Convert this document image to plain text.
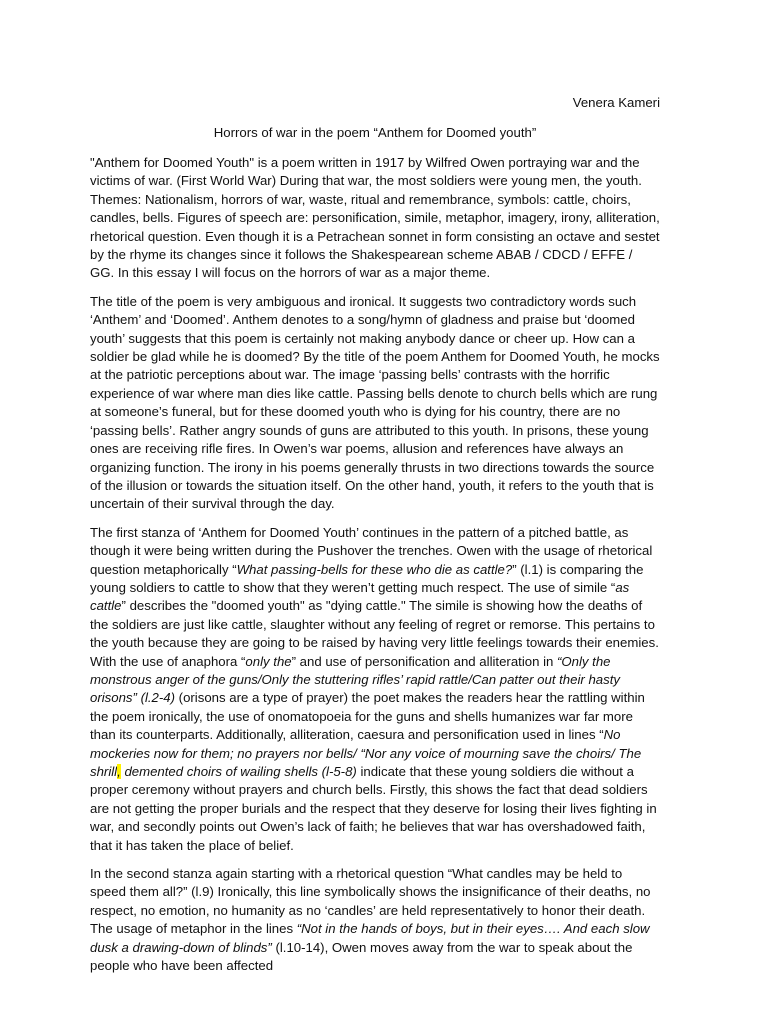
Venera Kameri
Horrors of war in the poem “Anthem for Doomed youth”

"Anthem for Doomed Youth" is a poem written in 1917 by Wilfred Owen portraying war and the victims of war. (First World War) During that war, the most soldiers were young men, the youth. Themes: Nationalism, horrors of war, waste, ritual and remembrance, symbols: cattle, choirs, candles, bells. Figures of speech are: personification, simile, metaphor, imagery, irony, alliteration, rhetorical question. Even though it is a Petrachean sonnet in form consisting an octave and sestet by the rhyme its changes since it follows the Shakespearean scheme ABAB / CDCD / EFFE / GG. In this essay I will focus on the horrors of war as a major theme.

The title of the poem is very ambiguous and ironical. It suggests two contradictory words such ‘Anthem’ and ‘Doomed’. Anthem denotes to a song/hymn of gladness and praise but ‘doomed youth’ suggests that this poem is certainly not making anybody dance or cheer up. How can a soldier be glad while he is doomed? By the title of the poem Anthem for Doomed Youth, he mocks at the patriotic perceptions about war. The image ‘passing bells’ contrasts with the horrific experience of war where man dies like cattle. Passing bells denote to church bells which are rung at someone’s funeral, but for these doomed youth who is dying for his country, there are no ‘passing bells’. Rather angry sounds of guns are attributed to this youth. In prisons, these young ones are receiving rifle fires. In Owen’s war poems, allusion and references have always an organizing function. The irony in his poems generally thrusts in two directions towards the source of the illusion or towards the situation itself. On the other hand, youth, it refers to the youth that is uncertain of their survival through the day.

The first stanza of ‘Anthem for Doomed Youth’ continues in the pattern of a pitched battle, as though it were being written during the Pushover the trenches. Owen with the usage of rhetorical question metaphorically “What passing-bells for these who die as cattle?” (l.1) is comparing the young soldiers to cattle to show that they weren’t getting much respect. The use of simile “as cattle” describes the "doomed youth" as "dying cattle." The simile is showing how the deaths of the soldiers are just like cattle, slaughter without any feeling of regret or remorse. This pertains to the youth because they are going to be raised by having very little feelings towards their enemies. With the use of anaphora “only the” and use of personification and alliteration in “Only the monstrous anger of the guns/Only the stuttering rifles’ rapid rattle/Can patter out their hasty orisons” (l.2-4) (orisons are a type of prayer) the poet makes the readers hear the rattling within the poem ironically, the use of onomatopoeia for the guns and shells humanizes war far more than its counterparts. Additionally, alliteration, caesura and personification used in lines “No mockeries now for them; no prayers nor bells/ “Nor any voice of mourning save the choirs/ The shrill, demented choirs of wailing shells (l-5-8) indicate that these young soldiers die without a proper ceremony without prayers and church bells. Firstly, this shows the fact that dead soldiers are not getting the proper burials and the respect that they deserve for losing their lives fighting in war, and secondly points out Owen’s lack of faith; he believes that war has overshadowed faith, that it has taken the place of belief.

In the second stanza again starting with a rhetorical question “What candles may be held to speed them all?” (l.9) Ironically, this line symbolically shows the insignificance of their deaths, no respect, no emotion, no humanity as no ‘candles’ are held representatively to honor their death. The usage of metaphor in the lines “Not in the hands of boys, but in their eyes…. And each slow dusk a drawing-down of blinds” (l.10-14), Owen moves away from the war to speak about the people who have been affected
